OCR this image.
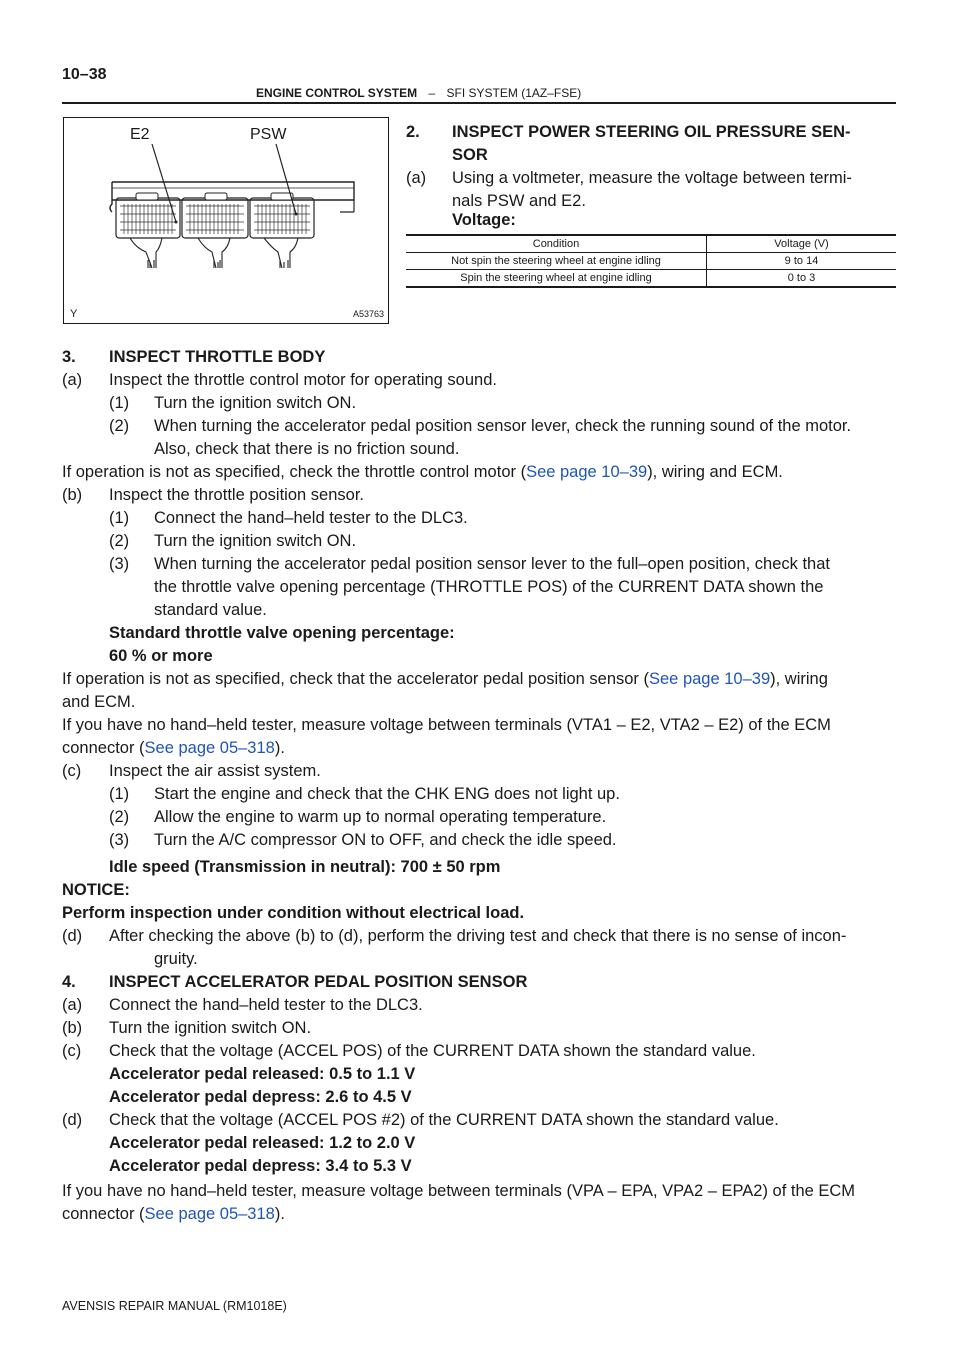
10–38
ENGINE CONTROL SYSTEM – SFI SYSTEM (1AZ–FSE)
E2	PSW
Y	A53763
2. INSPECT POWER STEERING OIL PRESSURE SEN-
SOR
(a) Using a voltmeter, measure the voltage between termi-
nals PSW and E2.
Voltage:
Condition	Voltage (V)
Not spin the steering wheel at engine idling	9 to 14
Spin the steering wheel at engine idling	0 to 3
3. INSPECT THROTTLE BODY
(a) Inspect the throttle control motor for operating sound.
(1) Turn the ignition switch ON.
(2) When turning the accelerator pedal position sensor lever, check the running sound of the motor.
Also, check that there is no friction sound.
If operation is not as specified, check the throttle control motor (See page 10–39), wiring and ECM.
(b) Inspect the throttle position sensor.
(1) Connect the hand–held tester to the DLC3.
(2) Turn the ignition switch ON.
(3) When turning the accelerator pedal position sensor lever to the full–open position, check that
the throttle valve opening percentage (THROTTLE POS) of the CURRENT DATA shown the
standard value.
Standard throttle valve opening percentage:
60 % or more
If operation is not as specified, check that the accelerator pedal position sensor (See page 10–39), wiring
and ECM.
If you have no hand–held tester, measure voltage between terminals (VTA1 – E2, VTA2 – E2) of the ECM
connector (See page 05–318).
(c) Inspect the air assist system.
(1) Start the engine and check that the CHK ENG does not light up.
(2) Allow the engine to warm up to normal operating temperature.
(3) Turn the A/C compressor ON to OFF, and check the idle speed.
Idle speed (Transmission in neutral): 700 ± 50 rpm
NOTICE:
Perform inspection under condition without electrical load.
(d) After checking the above (b) to (d), perform the driving test and check that there is no sense of incon-
gruity.
4. INSPECT ACCELERATOR PEDAL POSITION SENSOR
(a) Connect the hand–held tester to the DLC3.
(b) Turn the ignition switch ON.
(c) Check that the voltage (ACCEL POS) of the CURRENT DATA shown the standard value.
Accelerator pedal released: 0.5 to 1.1 V
Accelerator pedal depress: 2.6 to 4.5 V
(d) Check that the voltage (ACCEL POS #2) of the CURRENT DATA shown the standard value.
Accelerator pedal released: 1.2 to 2.0 V
Accelerator pedal depress: 3.4 to 5.3 V
If you have no hand–held tester, measure voltage between terminals (VPA – EPA, VPA2 – EPA2) of the ECM
connector (See page 05–318).
AVENSIS REPAIR MANUAL (RM1018E)
